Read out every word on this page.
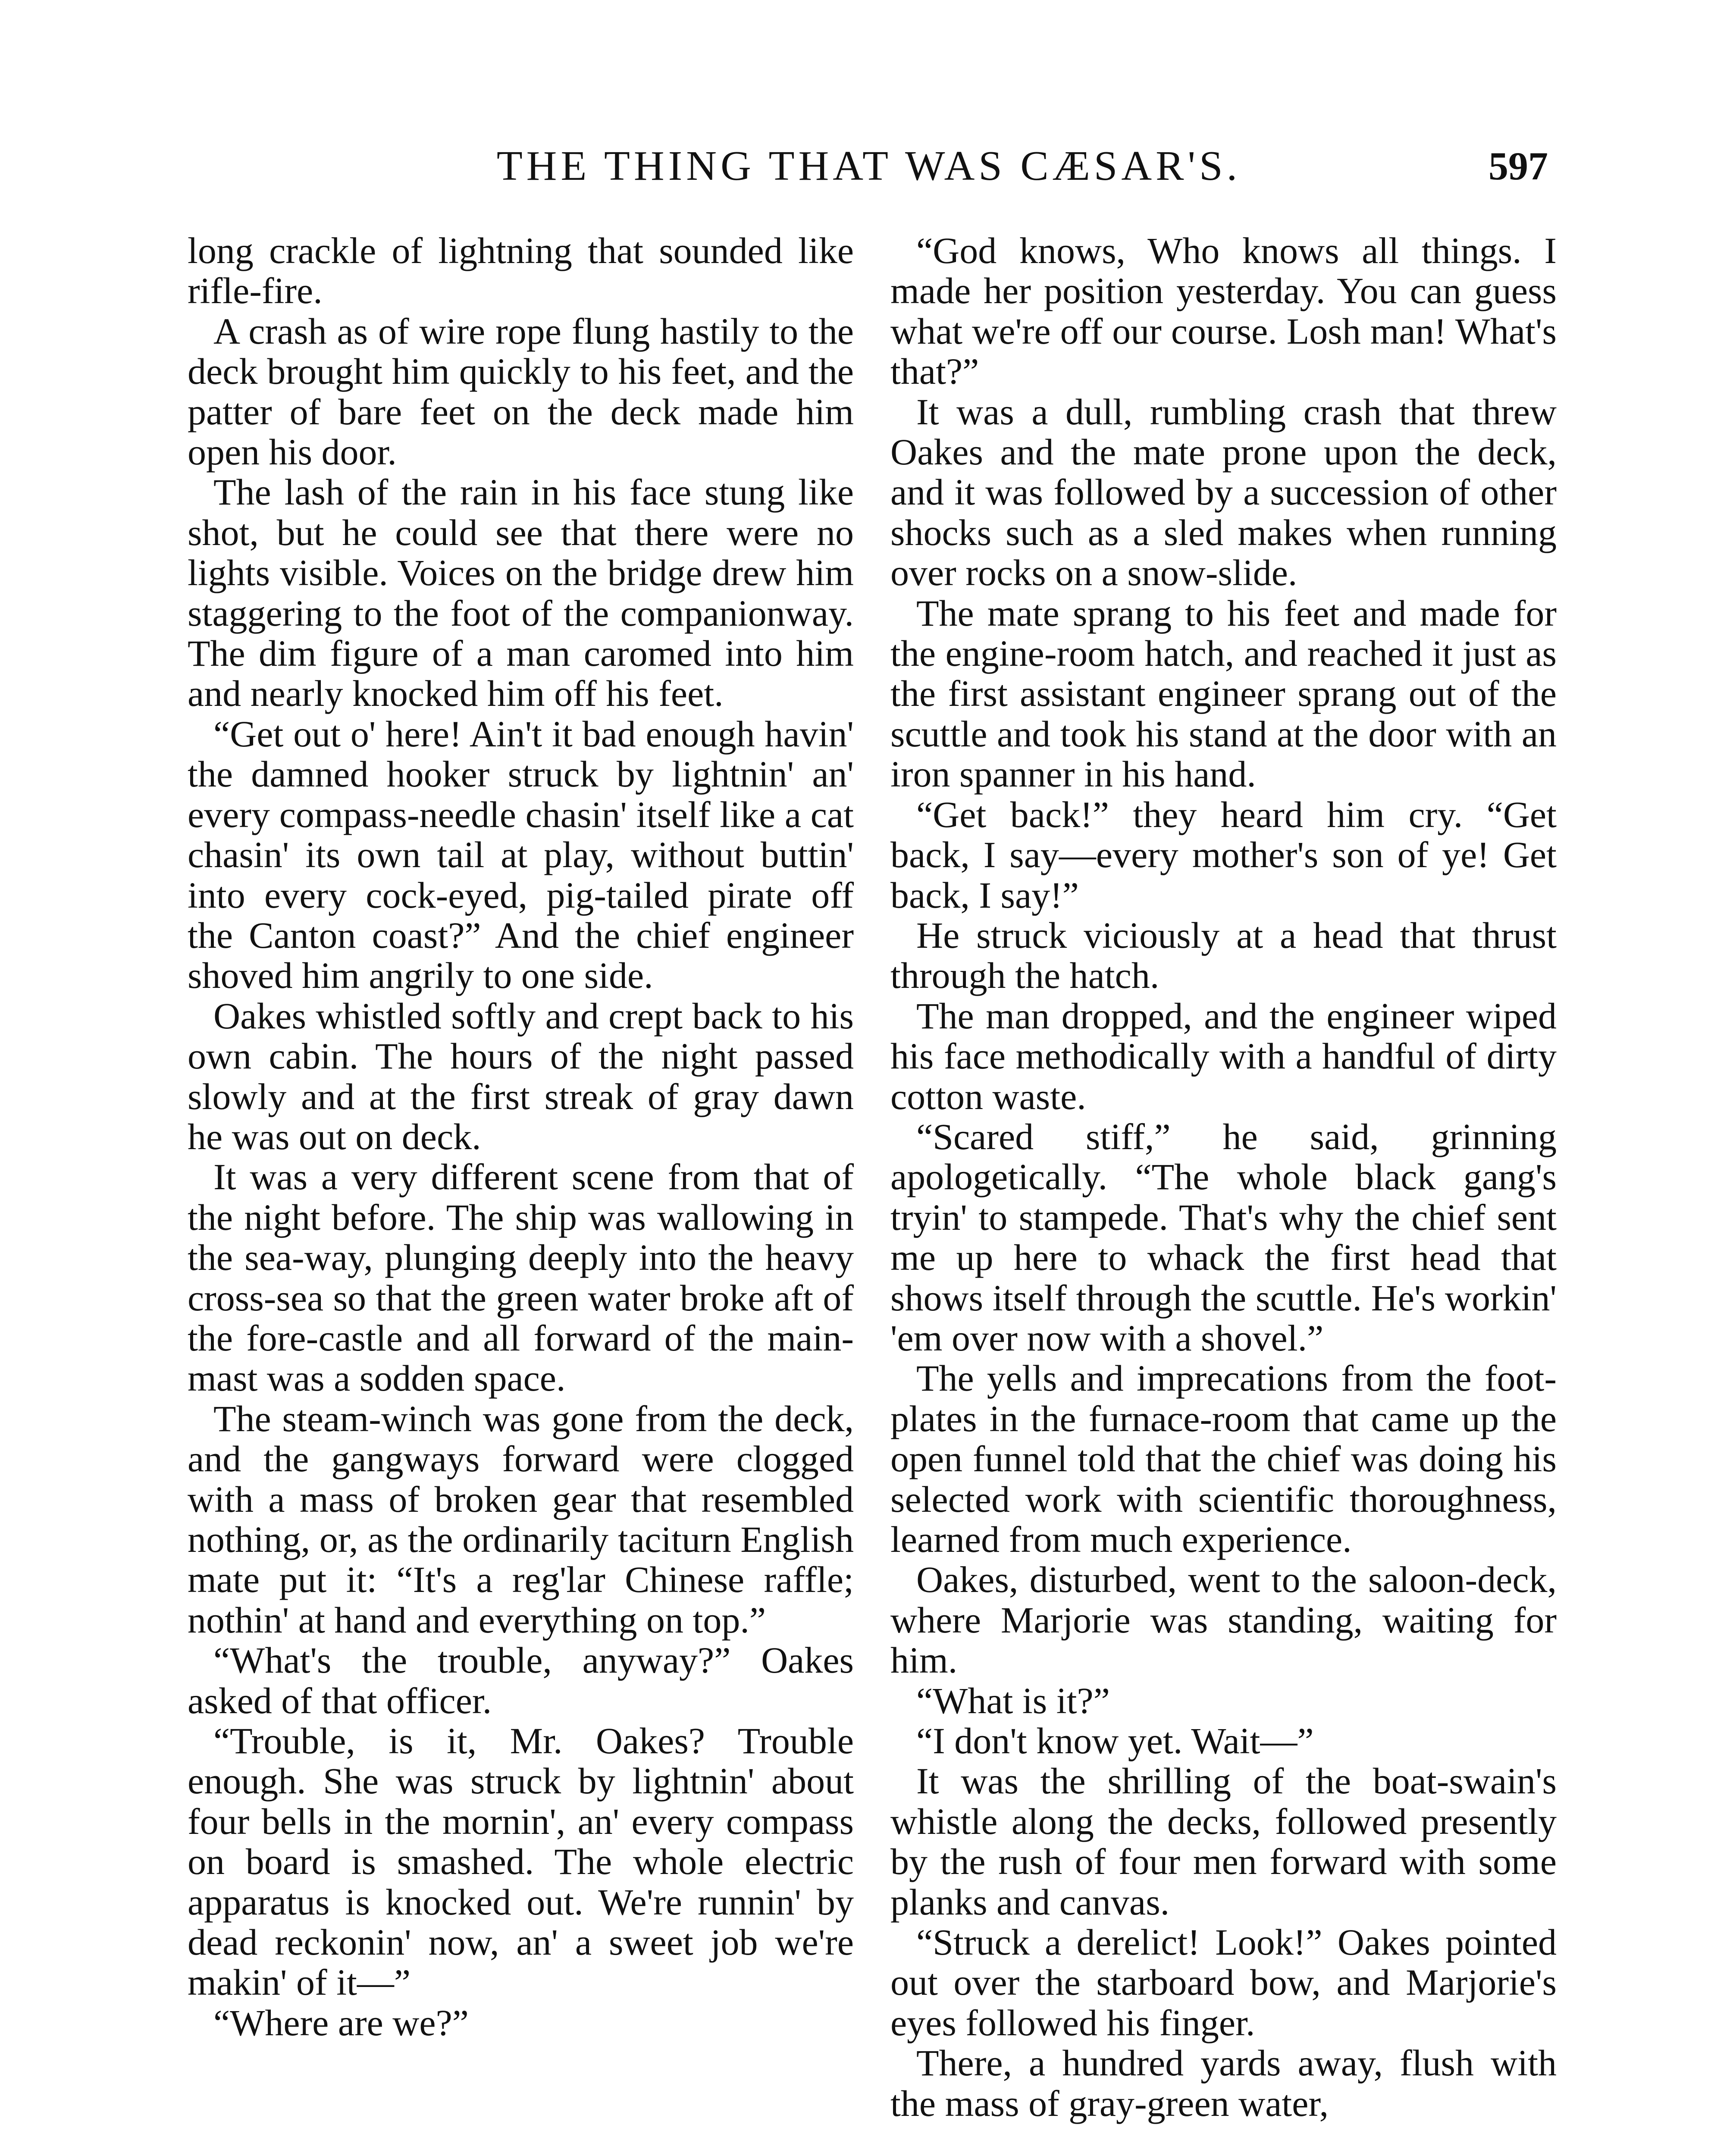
THE THING THAT WAS CÆSAR'S.	597

long crackle of lightning that sounded like rifle-fire.

A crash as of wire rope flung hastily to the deck brought him quickly to his feet, and the patter of bare feet on the deck made him open his door.

The lash of the rain in his face stung like shot, but he could see that there were no lights visible. Voices on the bridge drew him staggering to the foot of the companionway. The dim figure of a man caromed into him and nearly knocked him off his feet.

“Get out o' here! Ain't it bad enough havin' the damned hooker struck by lightnin' an' every compass-needle chasin' itself like a cat chasin' its own tail at play, without buttin' into every cock-eyed, pig-tailed pirate off the Canton coast?” And the chief engineer shoved him angrily to one side.

Oakes whistled softly and crept back to his own cabin. The hours of the night passed slowly and at the first streak of gray dawn he was out on deck.

It was a very different scene from that of the night before. The ship was wallowing in the sea-way, plunging deeply into the heavy cross-sea so that the green water broke aft of the fore-castle and all forward of the main-mast was a sodden space.

The steam-winch was gone from the deck, and the gangways forward were clogged with a mass of broken gear that resembled nothing, or, as the ordinarily taciturn English mate put it: “It's a reg'lar Chinese raffle; nothin' at hand and everything on top.”

“What's the trouble, anyway?” Oakes asked of that officer.

“Trouble, is it, Mr. Oakes? Trouble enough. She was struck by lightnin' about four bells in the mornin', an' every compass on board is smashed. The whole electric apparatus is knocked out. We're runnin' by dead reckonin' now, an' a sweet job we're makin' of it—”

“Where are we?”

“God knows, Who knows all things. I made her position yesterday. You can guess what we're off our course. Losh man! What's that?”

It was a dull, rumbling crash that threw Oakes and the mate prone upon the deck, and it was followed by a succession of other shocks such as a sled makes when running over rocks on a snow-slide.

The mate sprang to his feet and made for the engine-room hatch, and reached it just as the first assistant engineer sprang out of the scuttle and took his stand at the door with an iron spanner in his hand.

“Get back!” they heard him cry. “Get back, I say—every mother's son of ye! Get back, I say!”

He struck viciously at a head that thrust through the hatch.

The man dropped, and the engineer wiped his face methodically with a handful of dirty cotton waste.

“Scared stiff,” he said, grinning apologetically. “The whole black gang's tryin' to stampede. That's why the chief sent me up here to whack the first head that shows itself through the scuttle. He's workin' 'em over now with a shovel.”

The yells and imprecations from the foot-plates in the furnace-room that came up the open funnel told that the chief was doing his selected work with scientific thoroughness, learned from much experience.

Oakes, disturbed, went to the saloon-deck, where Marjorie was standing, waiting for him.

“What is it?”

“I don't know yet. Wait—”

It was the shrilling of the boat-swain's whistle along the decks, followed presently by the rush of four men forward with some planks and canvas.

“Struck a derelict! Look!” Oakes pointed out over the starboard bow, and Marjorie's eyes followed his finger.

There, a hundred yards away, flush with the mass of gray-green water,
